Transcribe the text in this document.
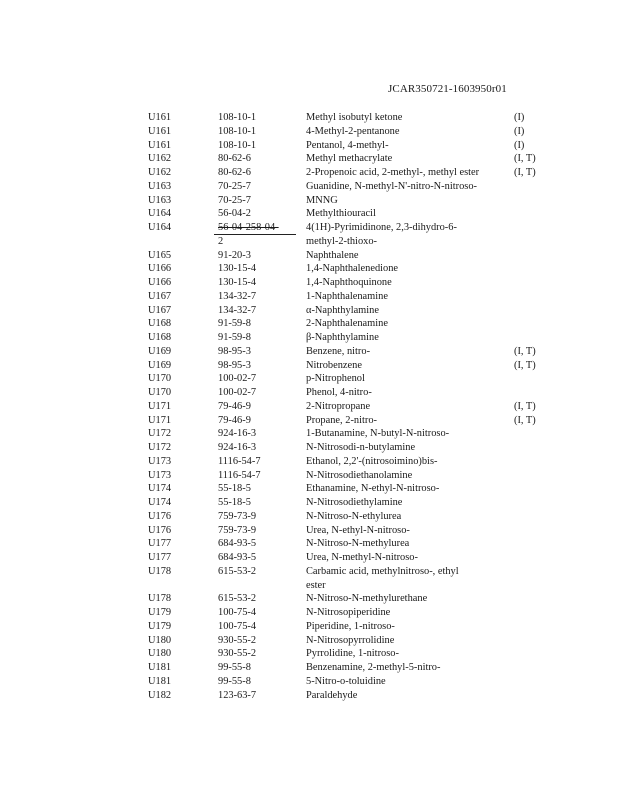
JCAR350721-1603950r01
U161	108-10-1	Methyl isobutyl ketone	(I)
U161	108-10-1	4-Methyl-2-pentanone	(I)
U161	108-10-1	Pentanol, 4-methyl-	(I)
U162	80-62-6	Methyl methacrylate	(I, T)
U162	80-62-6	2-Propenoic acid, 2-methyl-, methyl ester	(I, T)
U163	70-25-7	Guanidine, N-methyl-N'-nitro-N-nitroso-
U163	70-25-7	MNNG
U164	56-04-2	Methylthiouracil
U164	56-04-258-04-	4(1H)-Pyrimidinone, 2,3-dihydro-6-
2	methyl-2-thioxo-
U165	91-20-3	Naphthalene
U166	130-15-4	1,4-Naphthalenedione
U166	130-15-4	1,4-Naphthoquinone
U167	134-32-7	1-Naphthalenamine
U167	134-32-7	α-Naphthylamine
U168	91-59-8	2-Naphthalenamine
U168	91-59-8	β-Naphthylamine
U169	98-95-3	Benzene, nitro-	(I, T)
U169	98-95-3	Nitrobenzene	(I, T)
U170	100-02-7	p-Nitrophenol
U170	100-02-7	Phenol, 4-nitro-
U171	79-46-9	2-Nitropropane	(I, T)
U171	79-46-9	Propane, 2-nitro-	(I, T)
U172	924-16-3	1-Butanamine, N-butyl-N-nitroso-
U172	924-16-3	N-Nitrosodi-n-butylamine
U173	1116-54-7	Ethanol, 2,2'-(nitrosoimino)bis-
U173	1116-54-7	N-Nitrosodiethanolamine
U174	55-18-5	Ethanamine, N-ethyl-N-nitroso-
U174	55-18-5	N-Nitrosodiethylamine
U176	759-73-9	N-Nitroso-N-ethylurea
U176	759-73-9	Urea, N-ethyl-N-nitroso-
U177	684-93-5	N-Nitroso-N-methylurea
U177	684-93-5	Urea, N-methyl-N-nitroso-
U178	615-53-2	Carbamic acid, methylnitroso-, ethyl
ester
U178	615-53-2	N-Nitroso-N-methylurethane
U179	100-75-4	N-Nitrosopiperidine
U179	100-75-4	Piperidine, 1-nitroso-
U180	930-55-2	N-Nitrosopyrrolidine
U180	930-55-2	Pyrrolidine, 1-nitroso-
U181	99-55-8	Benzenamine, 2-methyl-5-nitro-
U181	99-55-8	5-Nitro-o-toluidine
U182	123-63-7	Paraldehyde
